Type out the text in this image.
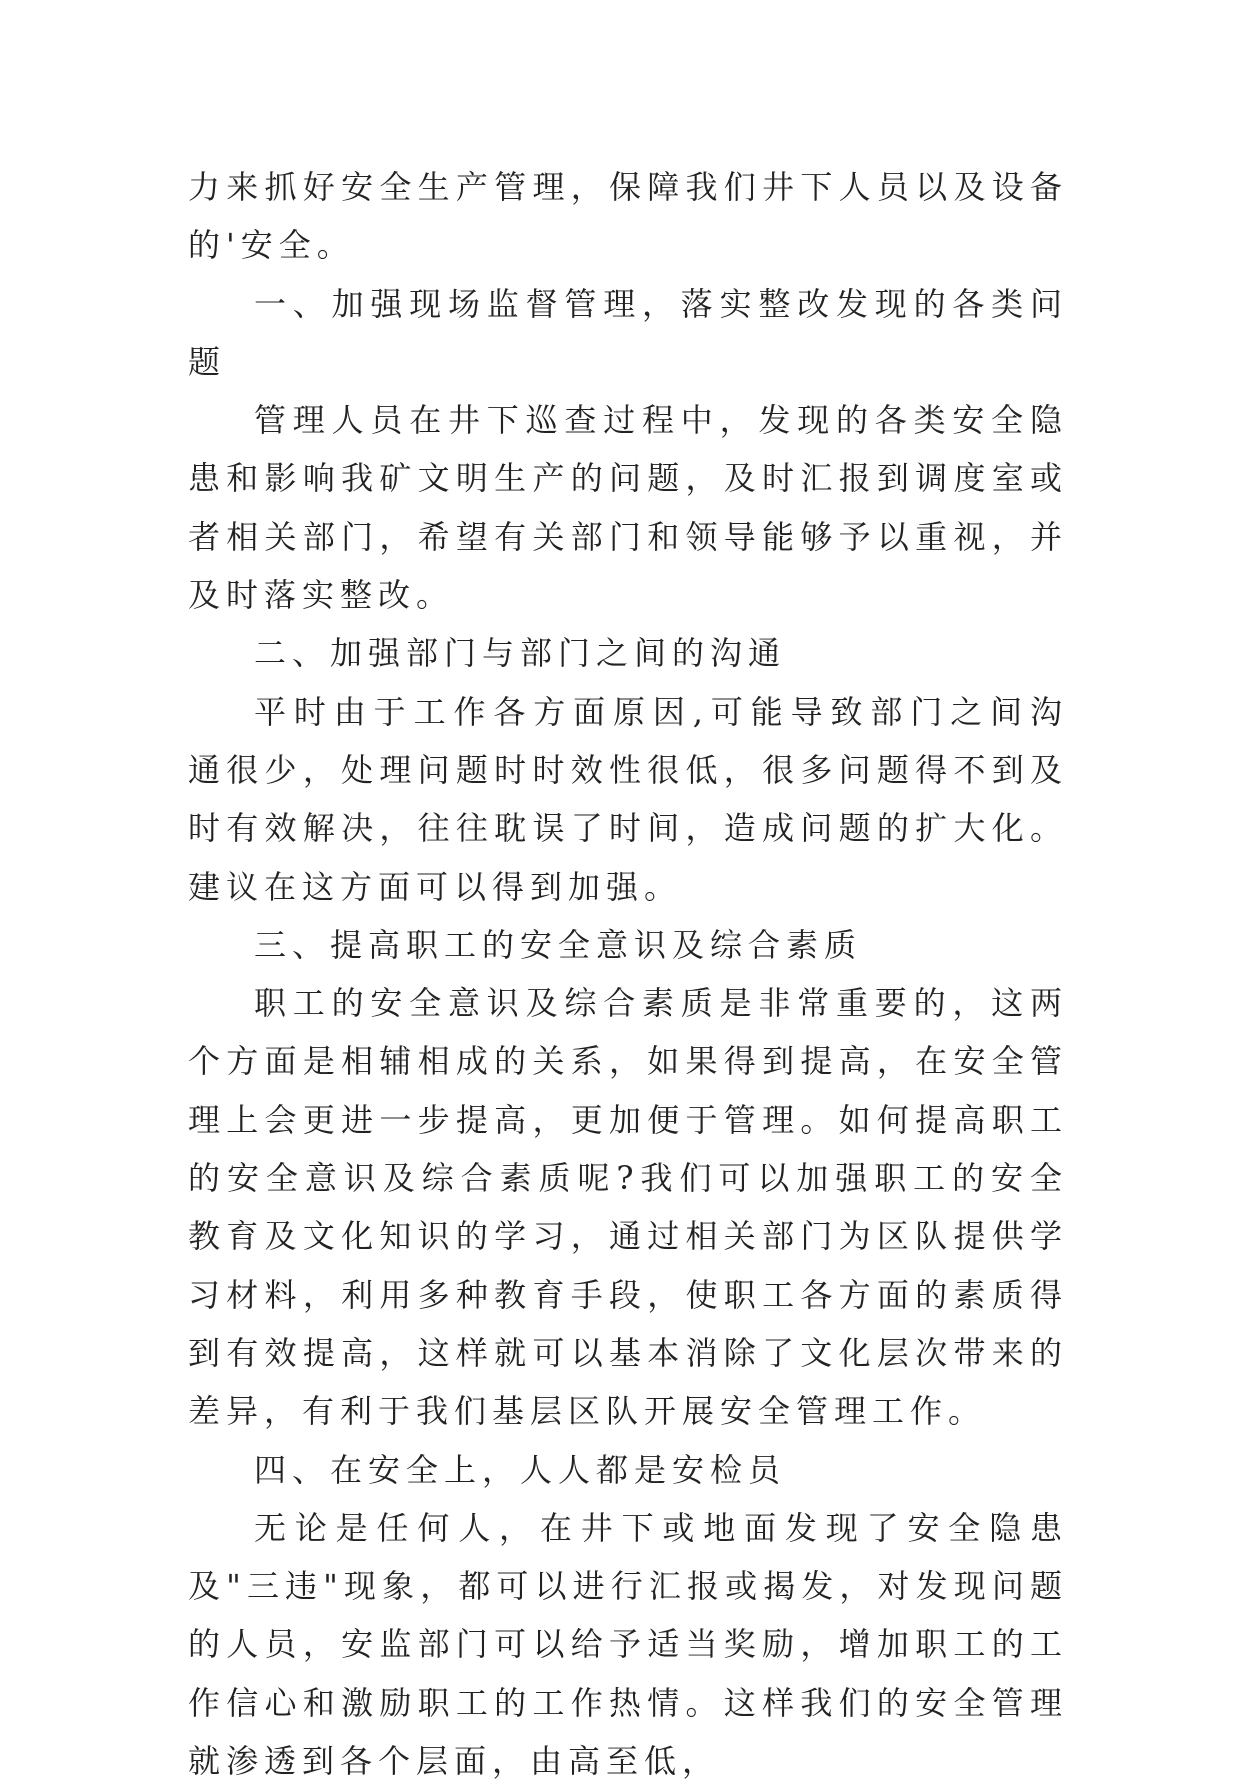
力来抓好安全生产管理，保障我们井下人员以及设备的'安全。

一、加强现场监督管理，落实整改发现的各类问题

管理人员在井下巡查过程中，发现的各类安全隐患和影响我矿文明生产的问题，及时汇报到调度室或者相关部门，希望有关部门和领导能够予以重视，并及时落实整改。

二、加强部门与部门之间的沟通

平时由于工作各方面原因,可能导致部门之间沟通很少，处理问题时时效性很低，很多问题得不到及时有效解决，往往耽误了时间，造成问题的扩大化。建议在这方面可以得到加强。

三、提高职工的安全意识及综合素质

职工的安全意识及综合素质是非常重要的，这两个方面是相辅相成的关系，如果得到提高，在安全管理上会更进一步提高，更加便于管理。如何提高职工的安全意识及综合素质呢?我们可以加强职工的安全教育及文化知识的学习，通过相关部门为区队提供学习材料，利用多种教育手段，使职工各方面的素质得到有效提高，这样就可以基本消除了文化层次带来的差异，有利于我们基层区队开展安全管理工作。

四、在安全上，人人都是安检员

无论是任何人，在井下或地面发现了安全隐患及"三违"现象，都可以进行汇报或揭发，对发现问题的人员，安监部门可以给予适当奖励，增加职工的工作信心和激励职工的工作热情。这样我们的安全管理就渗透到各个层面，由高至低，
